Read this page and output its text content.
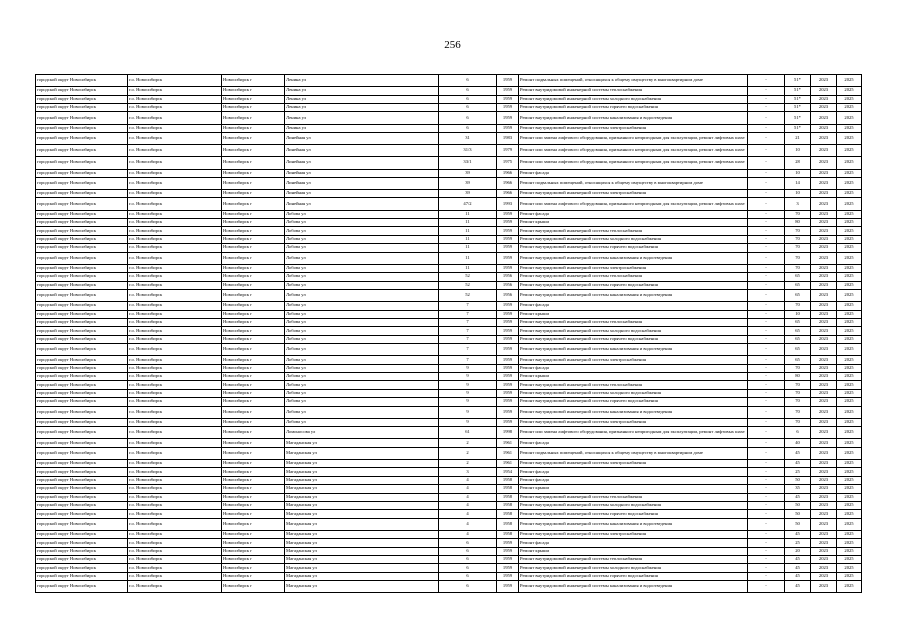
256
городской округ Новосибирск	г.о. Новосибирск	Новосибирск г	Ленина ул	6	1959	Ремонт подвальных помещений, относящихся к общему имуществу в многоквартирном доме	-	51*	2023	2025
городской округ Новосибирск	г.о. Новосибирск	Новосибирск г	Ленина ул	6	1959	Ремонт внутридомовой инженерной системы теплоснабжения	-	51*	2023	2025
городской округ Новосибирск	г.о. Новосибирск	Новосибирск г	Ленина ул	6	1959	Ремонт внутридомовой инженерной системы холодного водоснабжения	-	51*	2023	2025
городской округ Новосибирск	г.о. Новосибирск	Новосибирск г	Ленина ул	6	1959	Ремонт внутридомовой инженерной системы горячего водоснабжения	-	51*	2023	2025
городской округ Новосибирск	г.о. Новосибирск	Новосибирск г	Ленина ул	6	1959	Ремонт внутридомовой инженерной системы канализования и водоотведения	-	51*	2023	2025
городской округ Новосибирск	г.о. Новосибирск	Новосибирск г	Ленина ул	6	1959	Ремонт внутридомовой инженерной системы электроснабжения	-	51*	2023	2025
городской округ Новосибирск	г.о. Новосибирск	Новосибирск г	Линейная ул	31	1983	Ремонт или замена лифтового оборудования, признанного непригодным для эксплуатации, ремонт лифтовых шахт	-	21	2023	2025
городской округ Новосибирск	г.о. Новосибирск	Новосибирск г	Линейная ул	31/3	1979	Ремонт или замена лифтового оборудования, признанного непригодным для эксплуатации, ремонт лифтовых шахт	-	10	2023	2025
городской округ Новосибирск	г.о. Новосибирск	Новосибирск г	Линейная ул	33/1	1975	Ремонт или замена лифтового оборудования, признанного непригодным для эксплуатации, ремонт лифтовых шахт	-	28	2023	2025
городской округ Новосибирск	г.о. Новосибирск	Новосибирск г	Линейная ул	39	1966	Ремонт фасада	-	10	2023	2025
городской округ Новосибирск	г.о. Новосибирск	Новосибирск г	Линейная ул	39	1966	Ремонт подвальных помещений, относящихся к общему имуществу в многоквартирном доме	-	14	2023	2025
городской округ Новосибирск	г.о. Новосибирск	Новосибирск г	Линейная ул	39	1966	Ремонт внутридомовой инженерной системы электроснабжения	-	10	2023	2025
городской округ Новосибирск	г.о. Новосибирск	Новосибирск г	Линейная ул	47/2	1993	Ремонт или замена лифтового оборудования, признанного непригодным для эксплуатации, ремонт лифтовых шахт	-	3	2023	2025
городской округ Новосибирск	г.о. Новосибирск	Новосибирск г	Лобова ул	11	1959	Ремонт фасада	-	70	2023	2025
городской округ Новосибирск	г.о. Новосибирск	Новосибирск г	Лобова ул	11	1959	Ремонт крыши	-	80	2023	2025
городской округ Новосибирск	г.о. Новосибирск	Новосибирск г	Лобова ул	11	1959	Ремонт внутридомовой инженерной системы теплоснабжения	-	70	2023	2025
городской округ Новосибирск	г.о. Новосибирск	Новосибирск г	Лобова ул	11	1959	Ремонт внутридомовой инженерной системы холодного водоснабжения	-	70	2023	2025
городской округ Новосибирск	г.о. Новосибирск	Новосибирск г	Лобова ул	11	1959	Ремонт внутридомовой инженерной системы горячего водоснабжения	-	70	2023	2025
городской округ Новосибирск	г.о. Новосибирск	Новосибирск г	Лобова ул	11	1959	Ремонт внутридомовой инженерной системы канализования и водоотведения	-	70	2023	2025
городской округ Новосибирск	г.о. Новосибирск	Новосибирск г	Лобова ул	11	1959	Ремонт внутридомовой инженерной системы электроснабжения	-	70	2023	2025
городской округ Новосибирск	г.о. Новосибирск	Новосибирск г	Лобова ул	52	1956	Ремонт внутридомовой инженерной системы теплоснабжения	-	65	2023	2025
городской округ Новосибирск	г.о. Новосибирск	Новосибирск г	Лобова ул	52	1956	Ремонт внутридомовой инженерной системы горячего водоснабжения	-	65	2023	2025
городской округ Новосибирск	г.о. Новосибирск	Новосибирск г	Лобова ул	52	1956	Ремонт внутридомовой инженерной системы канализования и водоотведения	-	65	2023	2025
городской округ Новосибирск	г.о. Новосибирск	Новосибирск г	Лобова ул	7	1959	Ремонт фасада	-	70	2023	2025
городской округ Новосибирск	г.о. Новосибирск	Новосибирск г	Лобова ул	7	1959	Ремонт крыши	-	10	2023	2025
городской округ Новосибирск	г.о. Новосибирск	Новосибирск г	Лобова ул	7	1959	Ремонт внутридомовой инженерной системы теплоснабжения	-	65	2023	2025
городской округ Новосибирск	г.о. Новосибирск	Новосибирск г	Лобова ул	7	1959	Ремонт внутридомовой инженерной системы холодного водоснабжения	-	65	2023	2025
городской округ Новосибирск	г.о. Новосибирск	Новосибирск г	Лобова ул	7	1959	Ремонт внутридомовой инженерной системы горячего водоснабжения	-	65	2023	2025
городской округ Новосибирск	г.о. Новосибирск	Новосибирск г	Лобова ул	7	1959	Ремонт внутридомовой инженерной системы канализования и водоотведения	-	65	2023	2025
городской округ Новосибирск	г.о. Новосибирск	Новосибирск г	Лобова ул	7	1959	Ремонт внутридомовой инженерной системы электроснабжения	-	65	2023	2025
городской округ Новосибирск	г.о. Новосибирск	Новосибирск г	Лобова ул	9	1959	Ремонт фасада	-	70	2023	2025
городской округ Новосибирск	г.о. Новосибирск	Новосибирск г	Лобова ул	9	1959	Ремонт крыши	-	80	2023	2025
городской округ Новосибирск	г.о. Новосибирск	Новосибирск г	Лобова ул	9	1959	Ремонт внутридомовой инженерной системы теплоснабжения	-	70	2023	2025
городской округ Новосибирск	г.о. Новосибирск	Новосибирск г	Лобова ул	9	1959	Ремонт внутридомовой инженерной системы холодного водоснабжения	-	70	2023	2025
городской округ Новосибирск	г.о. Новосибирск	Новосибирск г	Лобова ул	9	1959	Ремонт внутридомовой инженерной системы горячего водоснабжения	-	70	2023	2025
городской округ Новосибирск	г.о. Новосибирск	Новосибирск г	Лобова ул	9	1959	Ремонт внутридомовой инженерной системы канализования и водоотведения	-	70	2023	2025
городской округ Новосибирск	г.о. Новосибирск	Новосибирск г	Лобова ул	9	1959	Ремонт внутридомовой инженерной системы электроснабжения	-	70	2023	2025
городской округ Новосибирск	г.о. Новосибирск	Новосибирск г	Ломоносова ул	61	1998	Ремонт или замена лифтового оборудования, признанного непригодным для эксплуатации, ремонт лифтовых шахт	-	6	2023	2025
городской округ Новосибирск	г.о. Новосибирск	Новосибирск г	Магаданская ул	2	1961	Ремонт фасада	-	40	2023	2025
городской округ Новосибирск	г.о. Новосибирск	Новосибирск г	Магаданская ул	2	1961	Ремонт подвальных помещений, относящихся к общему имуществу в многоквартирном доме	-	45	2023	2025
городской округ Новосибирск	г.о. Новосибирск	Новосибирск г	Магаданская ул	2	1961	Ремонт внутридомовой инженерной системы электроснабжения	-	45	2023	2025
городской округ Новосибирск	г.о. Новосибирск	Новосибирск г	Магаданская ул	3	1954	Ремонт фасада	-	25	2023	2025
городской округ Новосибирск	г.о. Новосибирск	Новосибирск г	Магаданская ул	4	1958	Ремонт фасада	-	50	2023	2025
городской округ Новосибирск	г.о. Новосибирск	Новосибирск г	Магаданская ул	4	1958	Ремонт крыши	-	35	2023	2025
городской округ Новосибирск	г.о. Новосибирск	Новосибирск г	Магаданская ул	4	1958	Ремонт внутридомовой инженерной системы теплоснабжения	-	45	2023	2025
городской округ Новосибирск	г.о. Новосибирск	Новосибирск г	Магаданская ул	4	1958	Ремонт внутридомовой инженерной системы холодного водоснабжения	-	50	2023	2025
городской округ Новосибирск	г.о. Новосибирск	Новосибирск г	Магаданская ул	4	1958	Ремонт внутридомовой инженерной системы горячего водоснабжения	-	50	2023	2025
городской округ Новосибирск	г.о. Новосибирск	Новосибирск г	Магаданская ул	4	1958	Ремонт внутридомовой инженерной системы канализования и водоотведения	-	50	2023	2025
городской округ Новосибирск	г.о. Новосибирск	Новосибирск г	Магаданская ул	4	1958	Ремонт внутридомовой инженерной системы электроснабжения	-	45	2023	2025
городской округ Новосибирск	г.о. Новосибирск	Новосибирск г	Магаданская ул	6	1959	Ремонт фасада	-	25	2023	2025
городской округ Новосибирск	г.о. Новосибирск	Новосибирск г	Магаданская ул	6	1959	Ремонт крыши	-	20	2023	2025
городской округ Новосибирск	г.о. Новосибирск	Новосибирск г	Магаданская ул	6	1959	Ремонт внутридомовой инженерной системы теплоснабжения	-	45	2023	2025
городской округ Новосибирск	г.о. Новосибирск	Новосибирск г	Магаданская ул	6	1959	Ремонт внутридомовой инженерной системы холодного водоснабжения	-	45	2023	2025
городской округ Новосибирск	г.о. Новосибирск	Новосибирск г	Магаданская ул	6	1959	Ремонт внутридомовой инженерной системы горячего водоснабжения	-	45	2023	2025
городской округ Новосибирск	г.о. Новосибирск	Новосибирск г	Магаданская ул	6	1959	Ремонт внутридомовой инженерной системы канализования и водоотведения	-	45	2023	2025
